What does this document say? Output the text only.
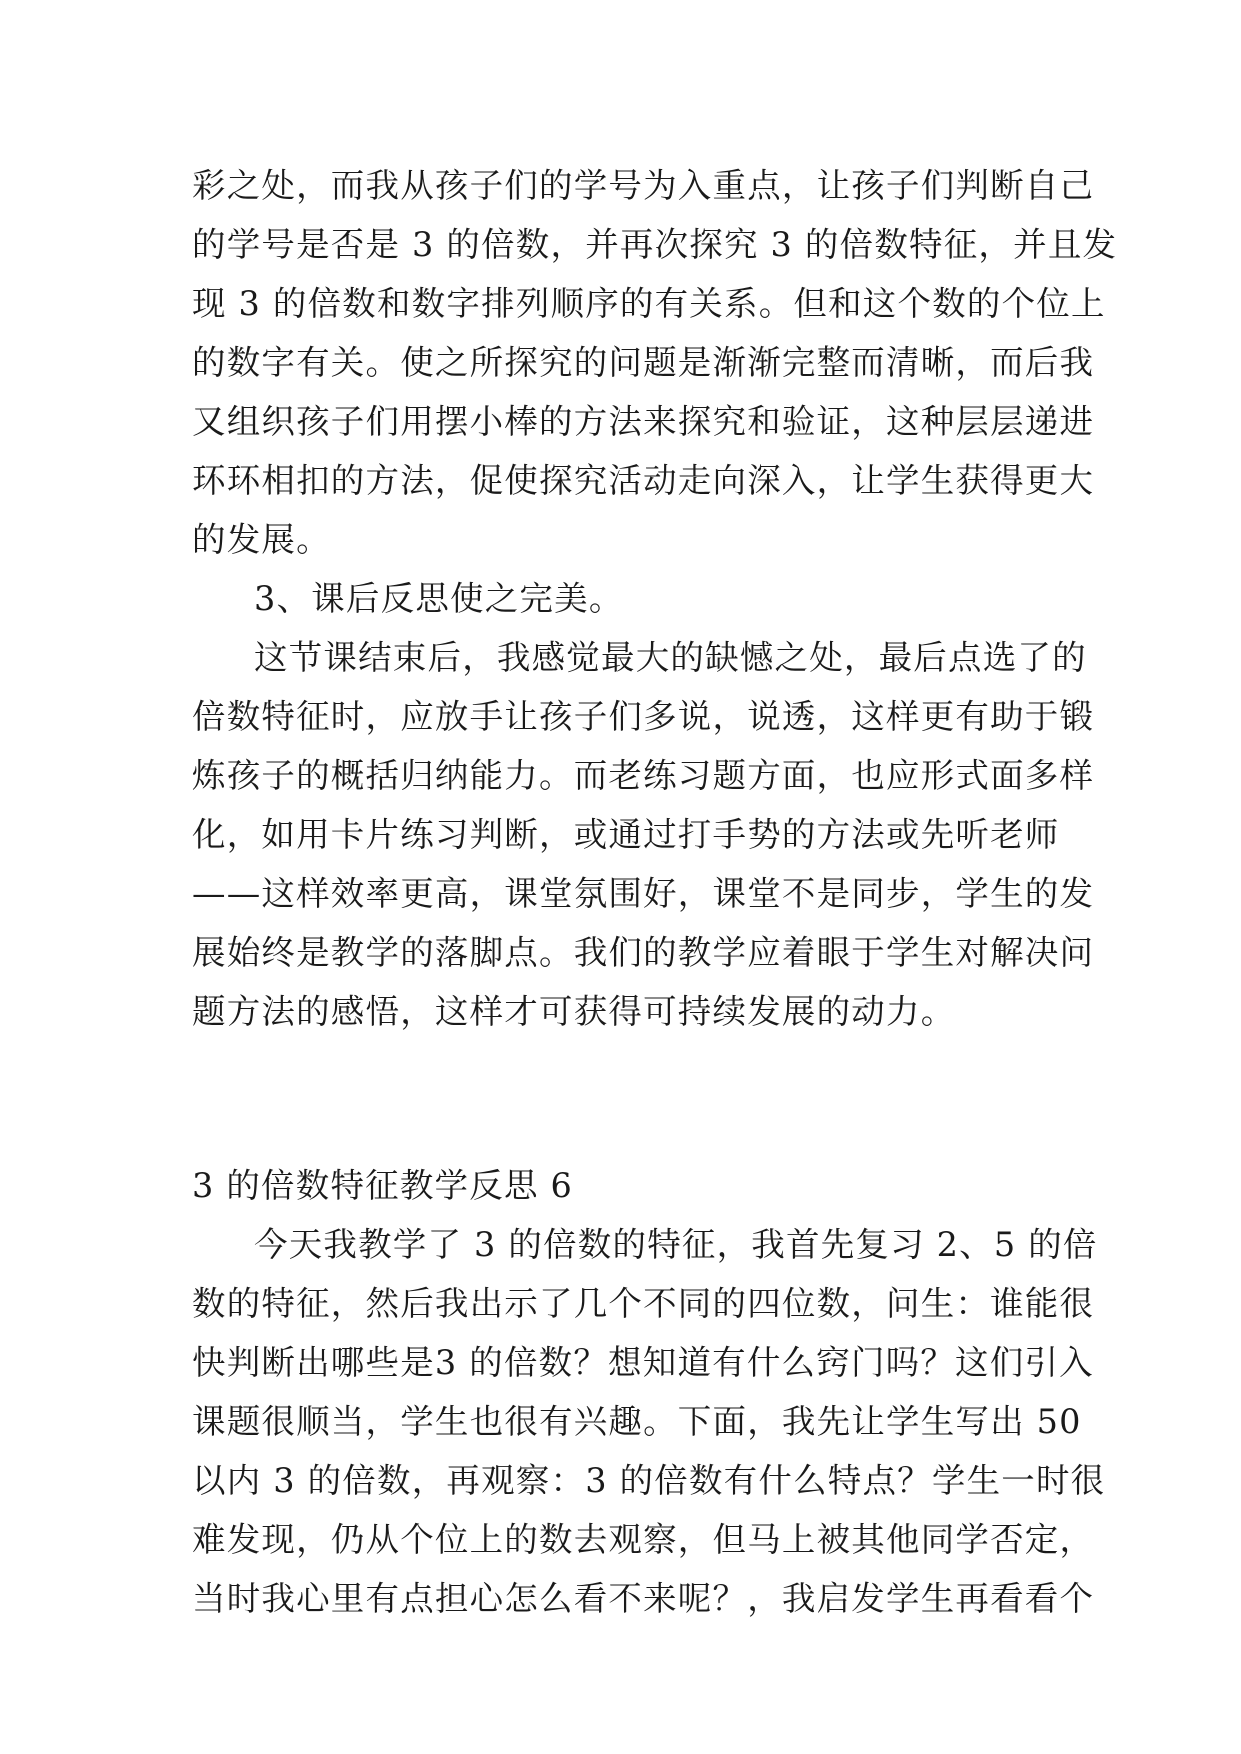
彩之处，而我从孩子们的学号为入重点，让孩子们判断自己
的学号是否是 3 的倍数，并再次探究 3 的倍数特征，并且发
现 3 的倍数和数字排列顺序的有关系。但和这个数的个位上
的数字有关。使之所探究的问题是渐渐完整而清晰，而后我
又组织孩子们用摆小棒的方法来探究和验证，这种层层递进
环环相扣的方法，促使探究活动走向深入，让学生获得更大
的发展。
3、课后反思使之完美。
这节课结束后，我感觉最大的缺憾之处，最后点选了的
倍数特征时，应放手让孩子们多说，说透，这样更有助于锻
炼孩子的概括归纳能力。而老练习题方面，也应形式面多样
化，如用卡片练习判断，或通过打手势的方法或先听老师
——这样效率更高，课堂氛围好，课堂不是同步，学生的发
展始终是教学的落脚点。我们的教学应着眼于学生对解决问
题方法的感悟，这样才可获得可持续发展的动力。
3 的倍数特征教学反思 6
今天我教学了 3 的倍数的特征，我首先复习 2、5 的倍
数的特征，然后我出示了几个不同的四位数，问生：谁能很
快判断出哪些是3 的倍数？想知道有什么窍门吗？这们引入
课题很顺当，学生也很有兴趣。下面，我先让学生写出 50
以内 3 的倍数，再观察：3 的倍数有什么特点？学生一时很
难发现，仍从个位上的数去观察，但马上被其他同学否定，
当时我心里有点担心怎么看不来呢？，我启发学生再看看个
